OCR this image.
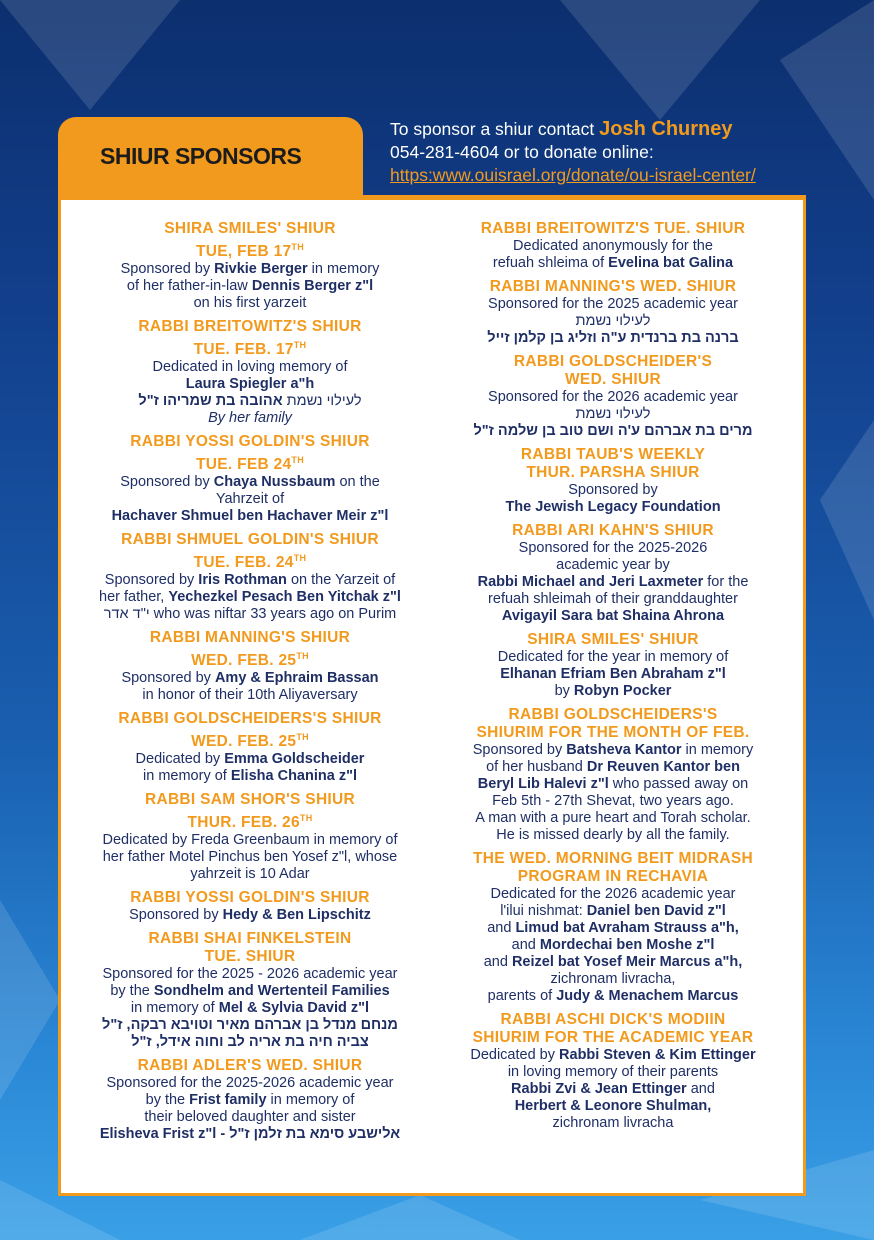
SHIUR SPONSORS
To sponsor a shiur contact Josh Churney
054-281-4604 or to donate online:
https:www.ouisrael.org/donate/ou-israel-center/
SHIRA SMILES' SHIUR
TUE, FEB 17TH
Sponsored by Rivkie Berger in memory
of her father-in-law Dennis Berger z"l
on his first yarzeit
RABBI BREITOWITZ'S SHIUR
TUE. FEB. 17TH
Dedicated in loving memory of
Laura Spiegler a"h
לעילוי נשמת אהובה בת שמריהו ז"ל
By her family
RABBI YOSSI GOLDIN'S SHIUR
TUE. FEB 24TH
Sponsored by Chaya Nussbaum on the
Yahrzeit of
Hachaver Shmuel ben Hachaver Meir z"l
RABBI SHMUEL GOLDIN'S SHIUR
TUE. FEB. 24TH
Sponsored by Iris Rothman on the Yarzeit of
her father, Yechezkel Pesach Ben Yitchak z"l
י"ד אדר who was niftar 33 years ago on Purim
RABBI MANNING'S SHIUR
WED. FEB. 25TH
Sponsored by Amy & Ephraim Bassan
in honor of their 10th Aliyaversary
RABBI GOLDSCHEIDERS'S SHIUR
WED. FEB. 25TH
Dedicated by Emma Goldscheider
in memory of Elisha Chanina z"l
RABBI SAM SHOR'S SHIUR
THUR. FEB. 26TH
Dedicated by Freda Greenbaum in memory of
her father Motel Pinchus ben Yosef z"l, whose
yahrzeit is 10 Adar
RABBI YOSSI GOLDIN'S SHIUR
Sponsored by Hedy & Ben Lipschitz
RABBI SHAI FINKELSTEIN
TUE. SHIUR
Sponsored for the 2025 - 2026 academic year
by the Sondhelm and Wertenteil Families
in memory of Mel & Sylvia David z"l
מנחם מנדל בן אברהם מאיר וטויבא רבקה, ז"ל
צביה חיה בת אריה לב וחוה אידל, ז"ל
RABBI ADLER'S WED. SHIUR
Sponsored for the 2025-2026 academic year
by the Frist family in memory of
their beloved daughter and sister
Elisheva Frist z"l - אלישבע סימא בת זלמן ז"ל
RABBI BREITOWITZ'S TUE. SHIUR
Dedicated anonymously for the
refuah shleima of Evelina bat Galina
RABBI MANNING'S WED. SHIUR
Sponsored for the 2025 academic year
לעילוי נשמת
ברנה בת ברנדית ע"ה וזליג בן קלמן זייל
RABBI GOLDSCHEIDER'S
WED. SHIUR
Sponsored for the 2026 academic year
לעילוי נשמת
מרים בת אברהם ע'ה ושם טוב בן שלמה ז"ל
RABBI TAUB'S WEEKLY
THUR. PARSHA SHIUR
Sponsored by
The Jewish Legacy Foundation
RABBI ARI KAHN'S SHIUR
Sponsored for the 2025-2026
academic year by
Rabbi Michael and Jeri Laxmeter for the
refuah shleimah of their granddaughter
Avigayil Sara bat Shaina Ahrona
SHIRA SMILES' SHIUR
Dedicated for the year in memory of
Elhanan Efriam Ben Abraham z"l
by Robyn Pocker
RABBI GOLDSCHEIDERS'S
SHIURIM FOR THE MONTH OF FEB.
Sponsored by Batsheva Kantor in memory
of her husband Dr Reuven Kantor ben
Beryl Lib Halevi z"l who passed away on
Feb 5th - 27th Shevat, two years ago.
A man with a pure heart and Torah scholar.
He is missed dearly by all the family.
THE WED. MORNING BEIT MIDRASH
PROGRAM IN RECHAVIA
Dedicated for the 2026 academic year
l'ilui nishmat: Daniel ben David z"l
and Limud bat Avraham Strauss a"h,
and Mordechai ben Moshe z"l
and Reizel bat Yosef Meir Marcus a"h,
zichronam livracha,
parents of Judy & Menachem Marcus
RABBI ASCHI DICK'S MODIIN
SHIURIM FOR THE ACADEMIC YEAR
Dedicated by Rabbi Steven & Kim Ettinger
in loving memory of their parents
Rabbi Zvi & Jean Ettinger and
Herbert & Leonore Shulman,
zichronam livracha
